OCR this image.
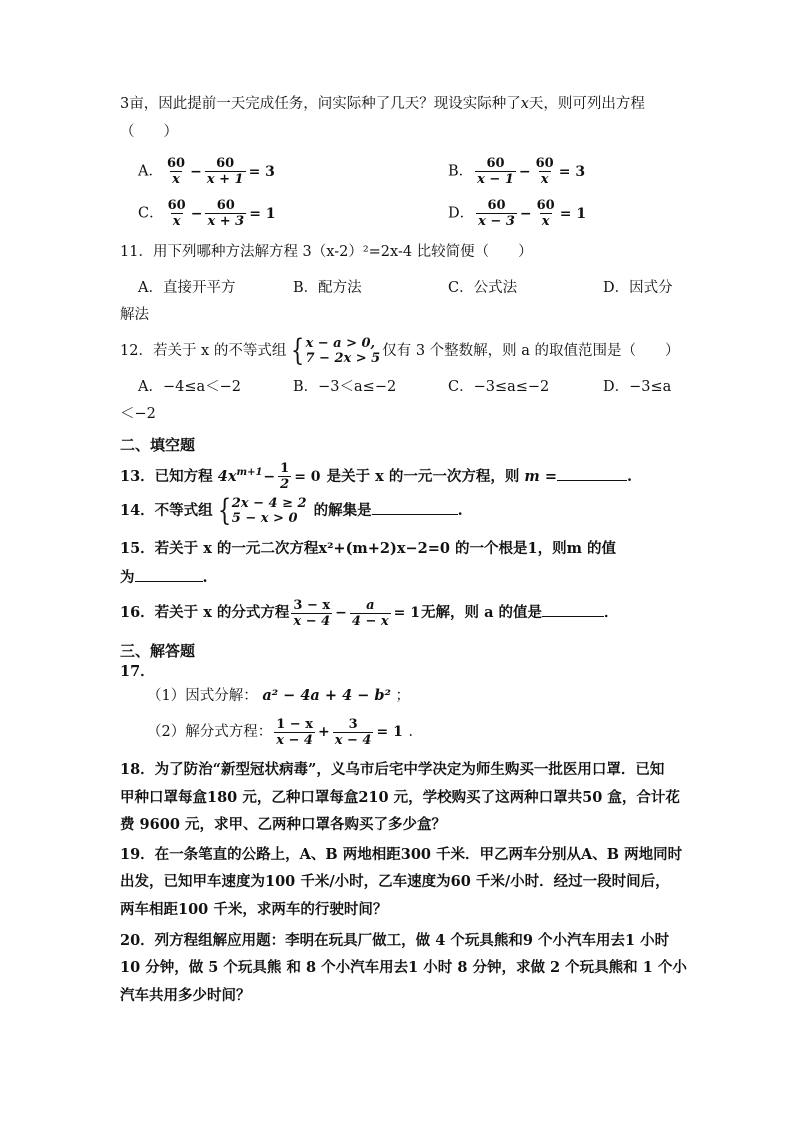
3亩，因此提前一天完成任务，问实际种了几天？现设实际种了x天，则可列出方程
（　　）
A． $\frac{60}{x} - \frac{60}{x + 1} = 3$	B． $\frac{60}{x - 1} - \frac{60}{x} = 3$
C． $\frac{60}{x} - \frac{60}{x + 3} = 1$	D． $\frac{60}{x - 3} - \frac{60}{x} = 1$
11．用下列哪种方法解方程 3（x-2）²=2x-4 比较简便（　　）
A．直接开平方	B．配方法	C．公式法	D．因式分
解法
12．若关于 x 的不等式组 { x − a > 0,
7 − 2x > 5 仅有 3 个整数解，则 a 的取值范围是（　　）
A．−4≤a＜−2	B．−3＜a≤−2	C．−3≤a≤−2	D．−3≤a
＜−2
二、填空题
13．已知方程 $4x^{m+1}- \frac{1}{2} = 0$ 是关于 x 的一元一次方程，则 m =	.
14．不等式组 { 2x − 4 ≥ 2
5 − x > 0	的解集是	.
15．若关于 x 的一元二次方程x²+(m+2)x−2=0 的一个根是1，则m 的值
为	.
16．若关于 x 的分式方程 $\frac{3 - x}{x - 4} - \frac{a}{4 - x} = 1$无解，则 a 的值是	．
三、解答题
17．
（1）因式分解： a² − 4a + 4 − b² ；
（2）解分式方程： $\frac{1 - x}{x - 4} + \frac{3}{x - 4} = 1$ ．
18．为了防治“新型冠状病毒”，义乌市后宅中学决定为师生购买一批医用口罩．已知
甲种口罩每盒180 元，乙种口罩每盒210 元，学校购买了这两种口罩共50 盒，合计花
费 9600 元，求甲、乙两种口罩各购买了多少盒？
19．在一条笔直的公路上，A、B 两地相距300 千米．甲乙两车分别从A、B 两地同时
出发，已知甲车速度为100 千米/小时，乙车速度为60 千米/小时．经过一段时间后，
两车相距100 千米，求两车的行驶时间？
20．列方程组解应用题：李明在玩具厂做工，做 4 个玩具熊和9 个小汽车用去1 小时
10 分钟，做 5 个玩具熊 和 8 个小汽车用去1 小时 8 分钟，求做 2 个玩具熊和 1 个小
汽车共用多少时间？
